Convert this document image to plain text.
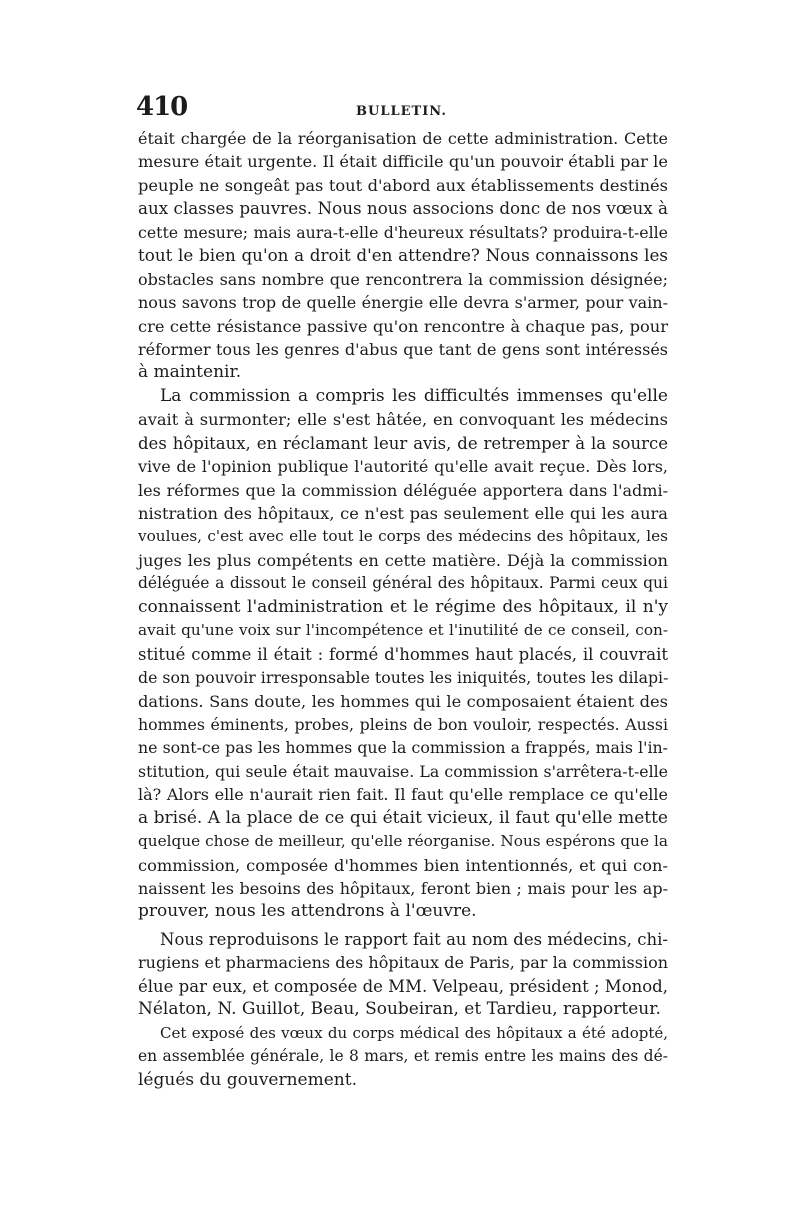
410	BULLETIN.
était chargée de la réorganisation de cette administration. Cette
mesure était urgente. Il était difficile qu'un pouvoir établi par le
peuple ne songeât pas tout d'abord aux établissements destinés
aux classes pauvres. Nous nous associons donc de nos vœux à
cette mesure; mais aura-t-elle d'heureux résultats? produira-t-elle
tout le bien qu'on a droit d'en attendre? Nous connaissons les
obstacles sans nombre que rencontrera la commission désignée;
nous savons trop de quelle énergie elle devra s'armer, pour vain-
cre cette résistance passive qu'on rencontre à chaque pas, pour
réformer tous les genres d'abus que tant de gens sont intéressés
à maintenir.
La commission a compris les difficultés immenses qu'elle
avait à surmonter; elle s'est hâtée, en convoquant les médecins
des hôpitaux, en réclamant leur avis, de retremper à la source
vive de l'opinion publique l'autorité qu'elle avait reçue. Dès lors,
les réformes que la commission déléguée apportera dans l'admi-
nistration des hôpitaux, ce n'est pas seulement elle qui les aura
voulues, c'est avec elle tout le corps des médecins des hôpitaux, les
juges les plus compétents en cette matière. Déjà la commission
déléguée a dissout le conseil général des hôpitaux. Parmi ceux qui
connaissent l'administration et le régime des hôpitaux, il n'y
avait qu'une voix sur l'incompétence et l'inutilité de ce conseil, con-
stitué comme il était : formé d'hommes haut placés, il couvrait
de son pouvoir irresponsable toutes les iniquités, toutes les dilapi-
dations. Sans doute, les hommes qui le composaient étaient des
hommes éminents, probes, pleins de bon vouloir, respectés. Aussi
ne sont-ce pas les hommes que la commission a frappés, mais l'in-
stitution, qui seule était mauvaise. La commission s'arrêtera-t-elle
là? Alors elle n'aurait rien fait. Il faut qu'elle remplace ce qu'elle
a brisé. A la place de ce qui était vicieux, il faut qu'elle mette
quelque chose de meilleur, qu'elle réorganise. Nous espérons que la
commission, composée d'hommes bien intentionnés, et qui con-
naissent les besoins des hôpitaux, feront bien ; mais pour les ap-
prouver, nous les attendrons à l'œuvre.
Nous reproduisons le rapport fait au nom des médecins, chi-
rugiens et pharmaciens des hôpitaux de Paris, par la commission
élue par eux, et composée de MM. Velpeau, président ; Monod,
Nélaton, N. Guillot, Beau, Soubeiran, et Tardieu, rapporteur.
Cet exposé des vœux du corps médical des hôpitaux a été adopté,
en assemblée générale, le 8 mars, et remis entre les mains des dé-
légués du gouvernement.
